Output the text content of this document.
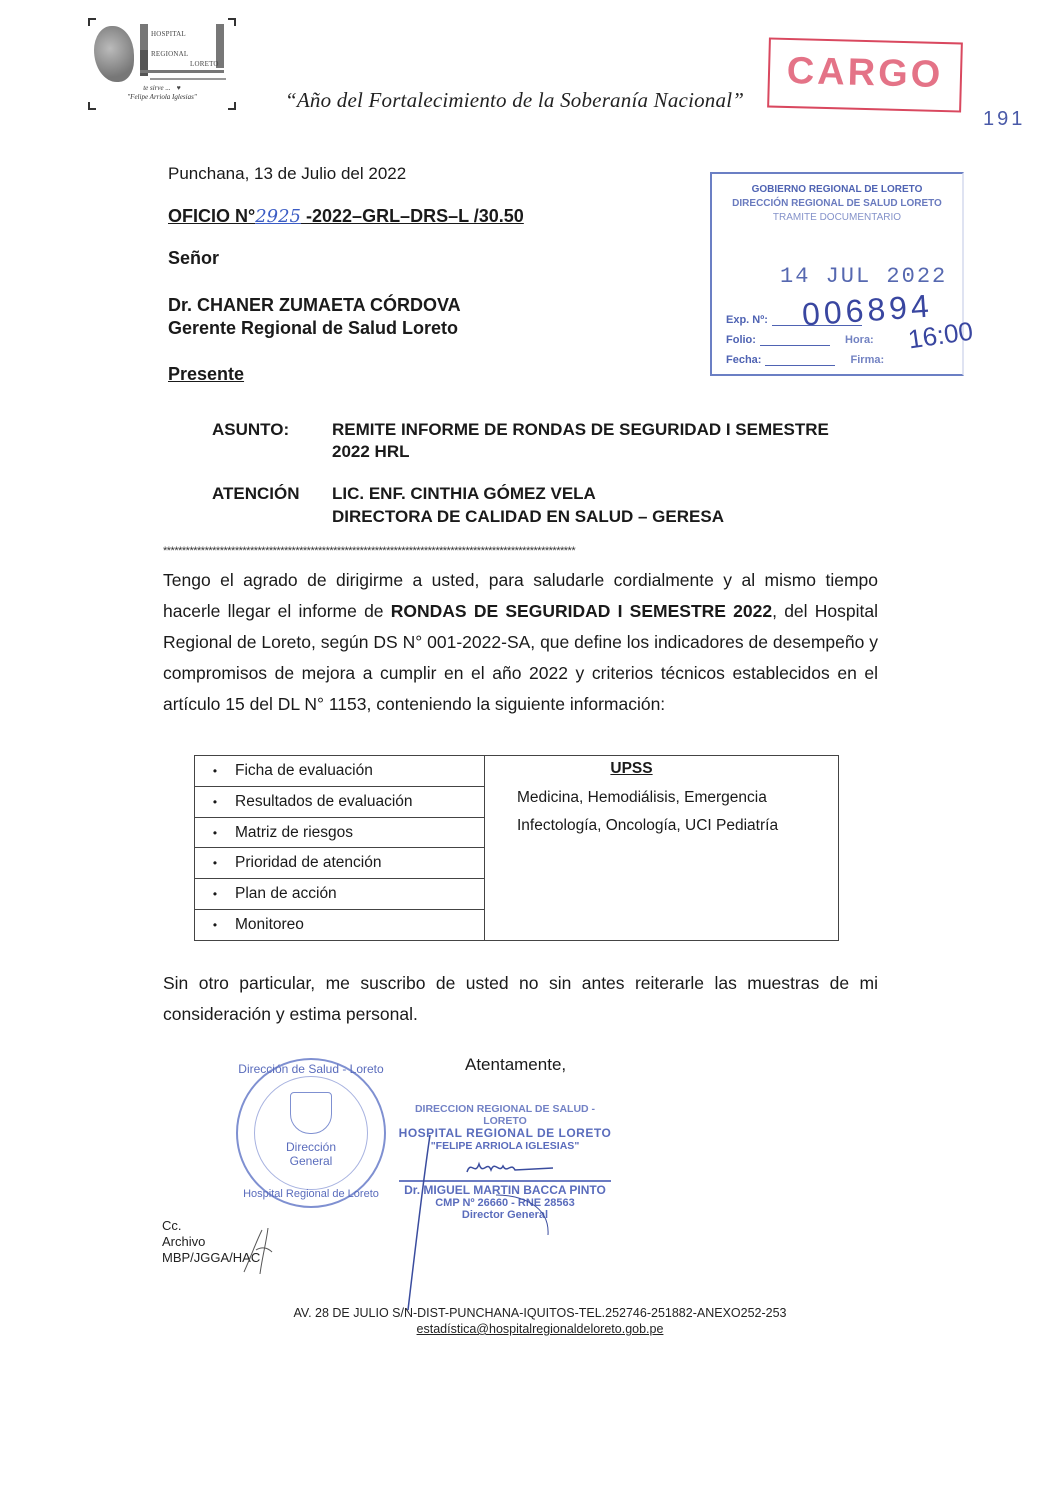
HOSPITAL
REGIONAL
LORETO
te sirve ... ♥
"Felipe Arriola Iglesias"	“Año del Fortalecimiento de la Soberanía Nacional”
CARGO
191
GOBIERNO REGIONAL DE LORETO
DIRECCIÓN REGIONAL DE SALUD LORETO
TRAMITE DOCUMENTARIO
14 JUL 2022
006894
Exp. Nº:
Folio:	Hora:
Fecha:	Firma:
16:00
Punchana, 13 de Julio del 2022
OFICIO N°2925 -2022–GRL–DRS–L /30.50
Señor
Dr. CHANER ZUMAETA CÓRDOVA
Gerente Regional de Salud Loreto
Presente
ASUNTO:	REMITE INFORME DE RONDAS DE SEGURIDAD I SEMESTRE
2022 HRL
ATENCIÓN LIC. ENF. CINTHIA GÓMEZ VELA
DIRECTORA DE CALIDAD EN SALUD – GERESA
*************************************************************************************************************
Tengo el agrado de dirigirme a usted, para saludarle cordialmente y al mismo tiempo hacerle llegar el informe de RONDAS DE SEGURIDAD I SEMESTRE 2022, del Hospital Regional de Loreto, según DS N° 001-2022-SA, que define los indicadores de desempeño y compromisos de mejora a cumplir en el año 2022 y criterios técnicos establecidos en el artículo 15 del DL N° 1153, conteniendo la siguiente información:
•	Ficha de evaluación
•	Resultados de evaluación
•	Matriz de riesgos
•	Prioridad de atención
•	Plan de acción
•	Monitoreo
UPSS
Medicina, Hemodiálisis, Emergencia
Infectología, Oncología, UCI Pediatría
Sin otro particular, me suscribo de usted no sin antes reiterarle las muestras de mi consideración y estima personal.
Atentamente,
Dirección de Salud - Loreto
Dirección
General
Hospital Regional de Loreto
DIRECCION REGIONAL DE SALUD - LORETO
HOSPITAL REGIONAL DE LORETO
"FELIPE ARRIOLA IGLESIAS"
Dr. MIGUEL MARTIN BACCA PINTO
CMP Nº 26660 - RNE 28563
Director General
Cc.
Archivo
MBP/JGGA/HAC
AV. 28 DE JULIO S/N-DIST-PUNCHANA-IQUITOS-TEL.252746-251882-ANEXO252-253
estadística@hospitalregionaldeloreto.gob.pe
